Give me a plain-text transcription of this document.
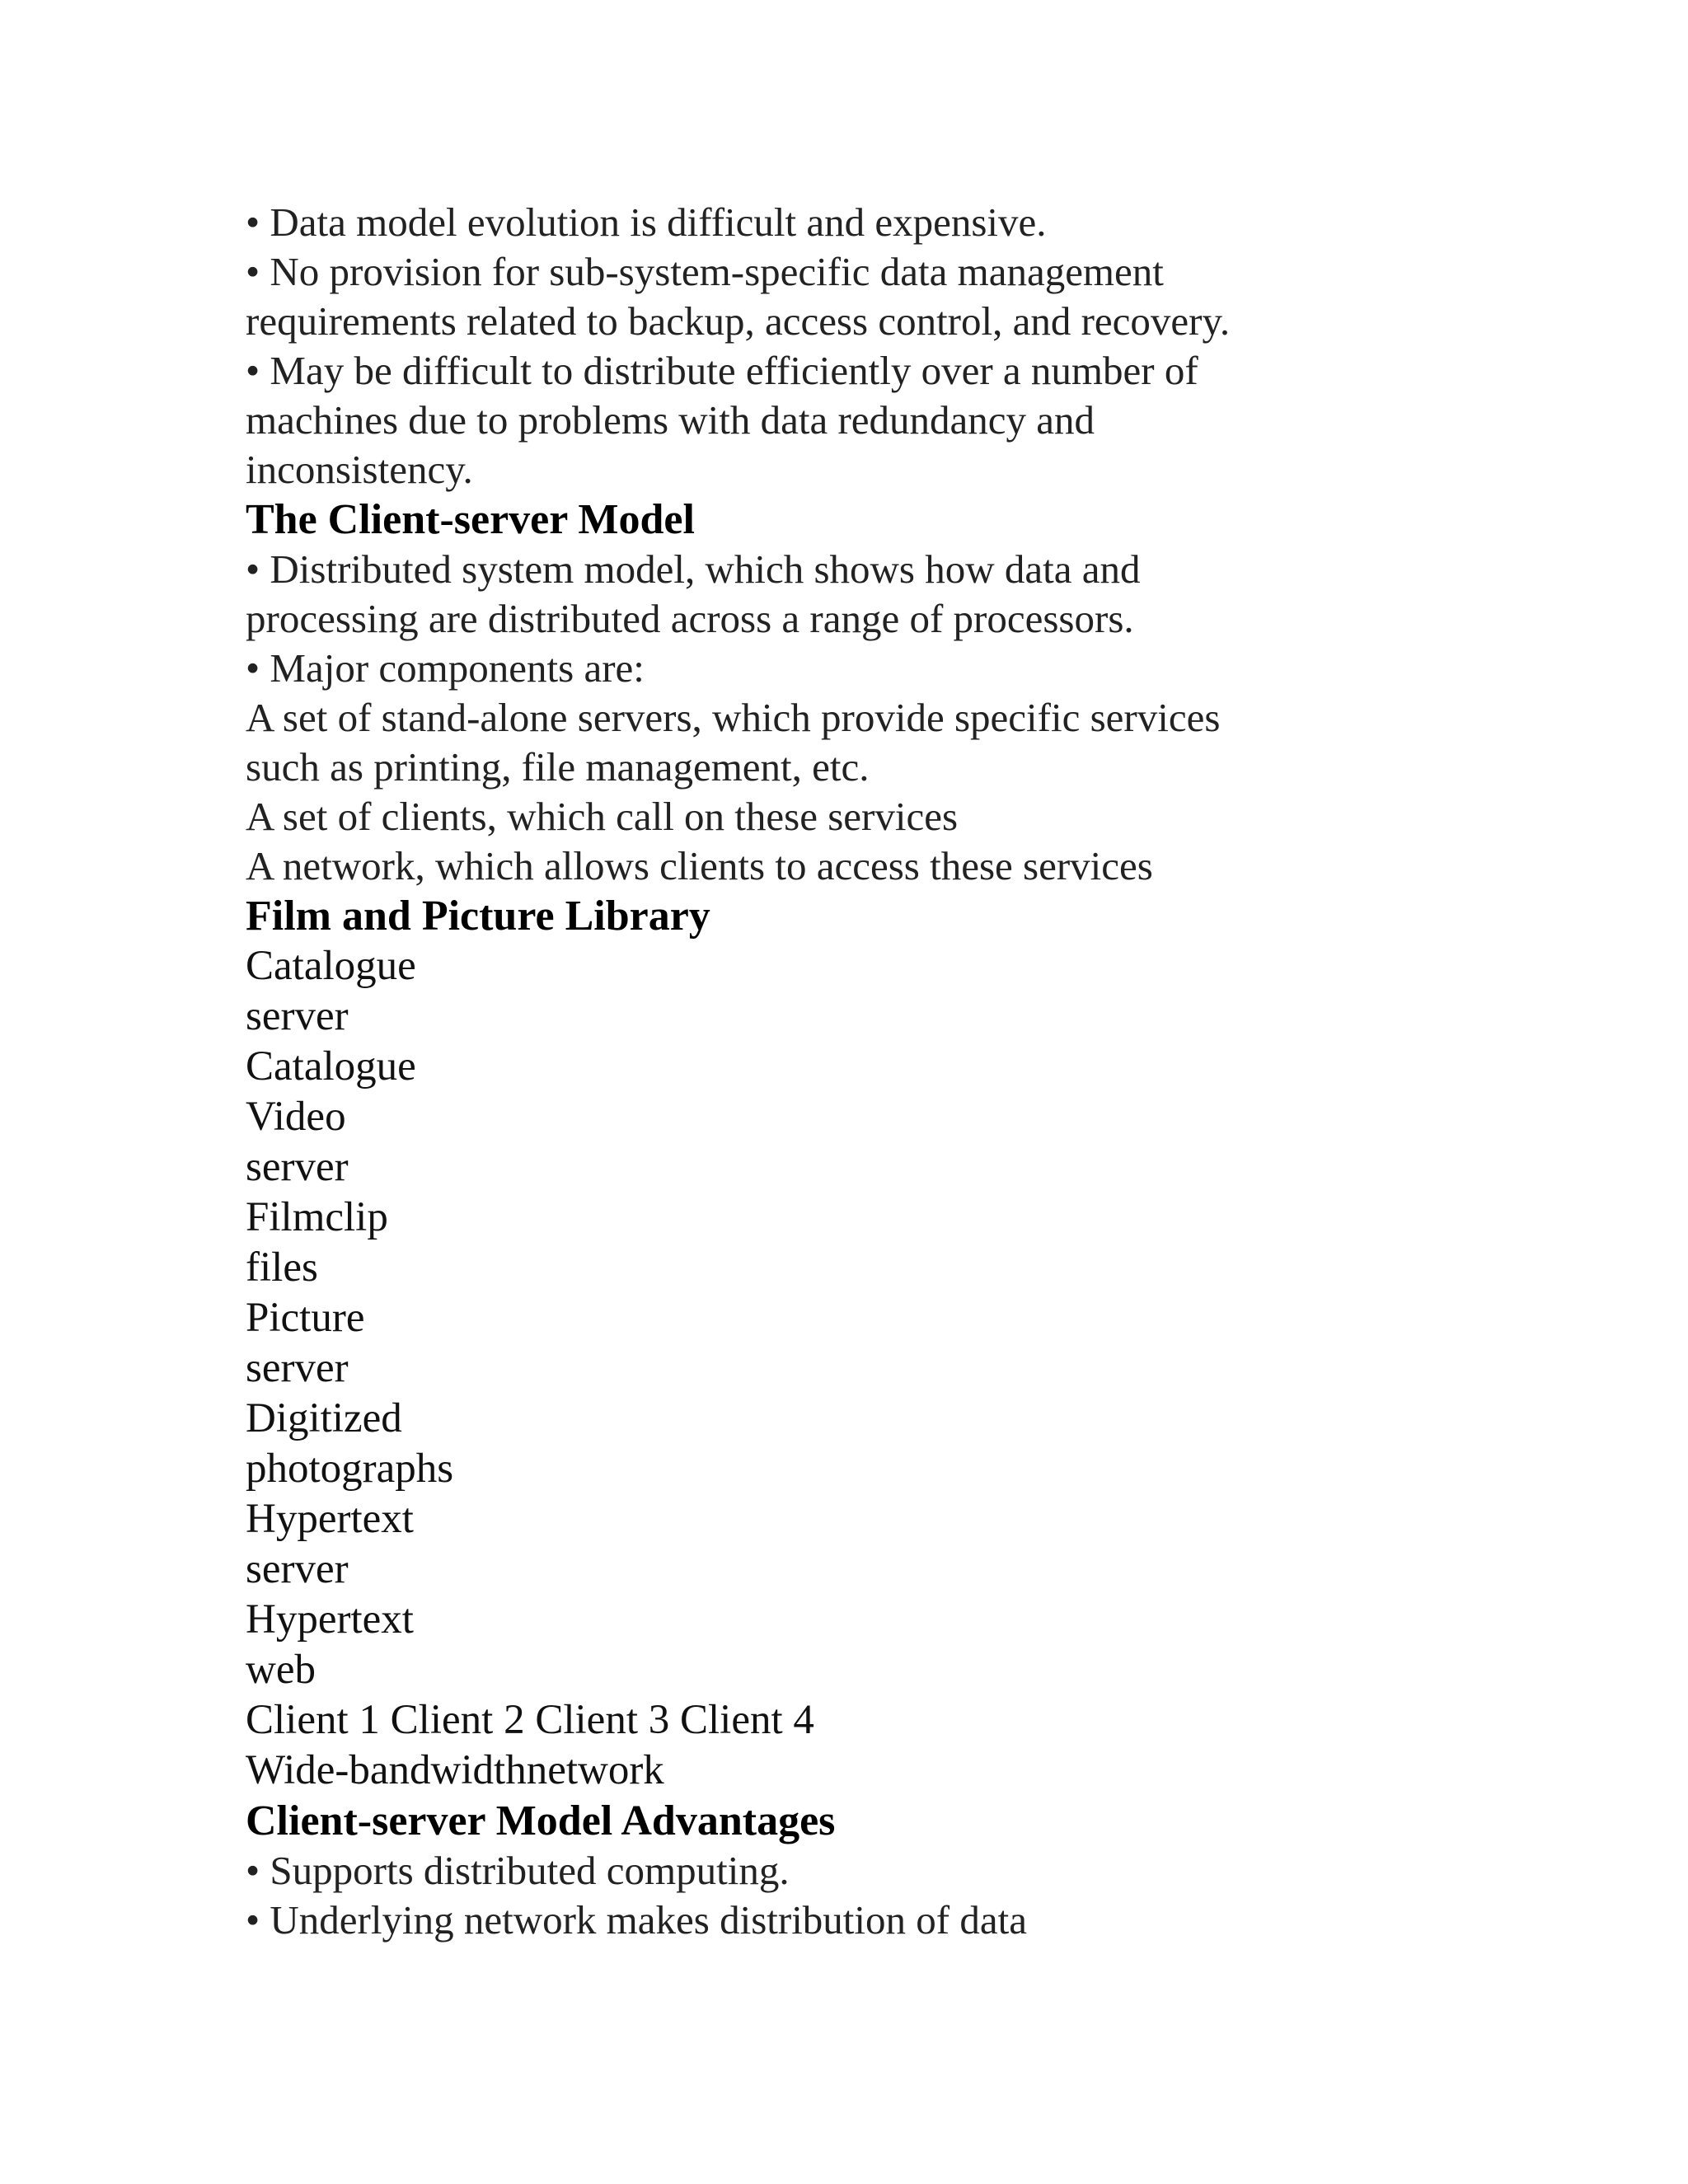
• Data model evolution is difficult and expensive.
• No provision for sub-system-specific data management
requirements related to backup, access control, and recovery.
• May be difficult to distribute efficiently over a number of
machines due to problems with data redundancy and
inconsistency.
The Client-server Model
• Distributed system model, which shows how data and
processing are distributed across a range of processors.
• Major components are:
A set of stand-alone servers, which provide specific services
such as printing, file management, etc.
A set of clients, which call on these services
A network, which allows clients to access these services
Film and Picture Library
Catalogue
server
Catalogue
Video
server
Filmclip
files
Picture
server
Digitized
photographs
Hypertext
server
Hypertext
web
Client 1 Client 2 Client 3 Client 4
Wide-bandwidthnetwork
Client-server Model Advantages
• Supports distributed computing.
• Underlying network makes distribution of data
